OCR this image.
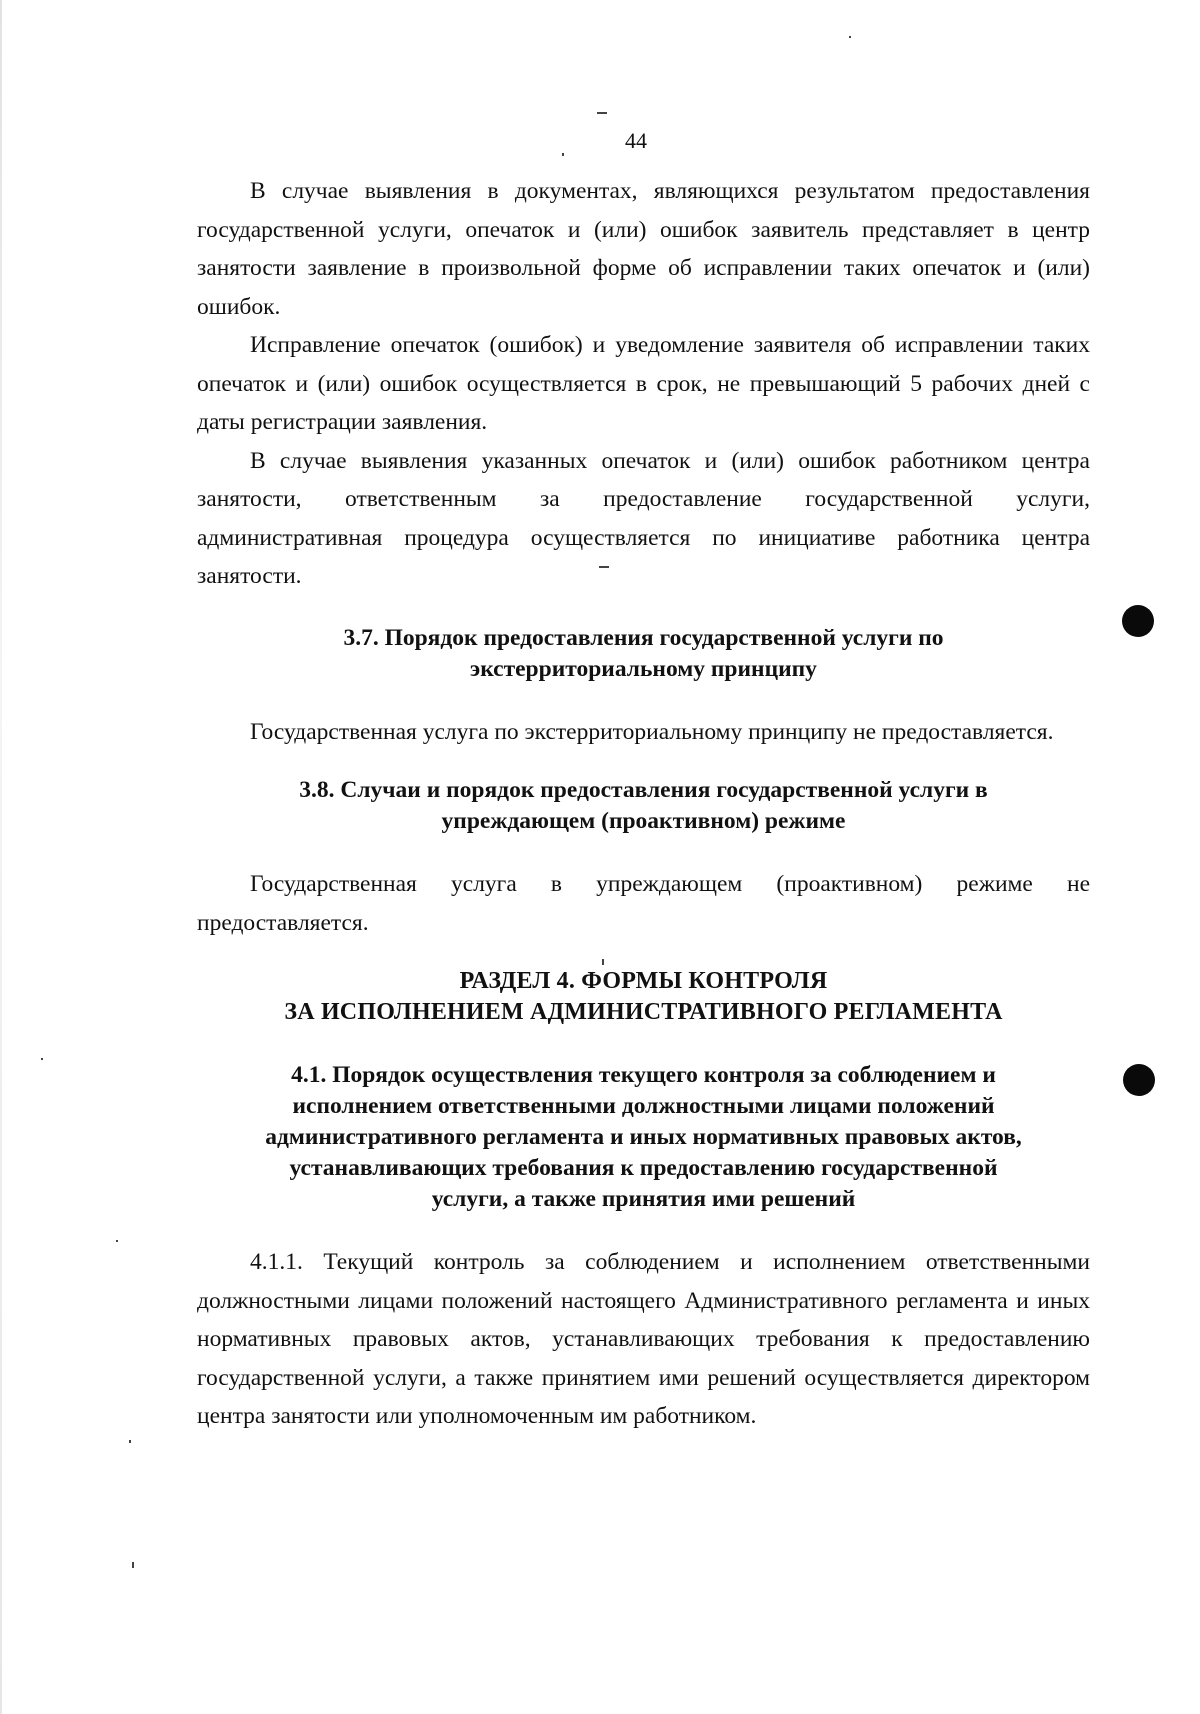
44

В случае выявления в документах, являющихся результатом предоставления государственной услуги, опечаток и (или) ошибок заявитель представляет в центр занятости заявление в произвольной форме об исправлении таких опечаток и (или) ошибок.

Исправление опечаток (ошибок) и уведомление заявителя об исправлении таких опечаток и (или) ошибок осуществляется в срок, не превышающий 5 рабочих дней с даты регистрации заявления.

В случае выявления указанных опечаток и (или) ошибок работником центра занятости, ответственным за предоставление государственной услуги, административная процедура осуществляется по инициативе работника центра занятости.

3.7. Порядок предоставления государственной услуги по

экстерриториальному принципу

Государственная услуга по экстерриториальному принципу не предоставляется.

3.8. Случаи и порядок предоставления государственной услуги в

упреждающем (проактивном) режиме

Государственная услуга в упреждающем (проактивном) режиме не предоставляется.

РАЗДЕЛ 4. ФОРМЫ КОНТРОЛЯ

ЗА ИСПОЛНЕНИЕМ АДМИНИСТРАТИВНОГО РЕГЛАМЕНТА

4.1. Порядок осуществления текущего контроля за соблюдением и

исполнением ответственными должностными лицами положений

административного регламента и иных нормативных правовых актов,

устанавливающих требования к предоставлению государственной

услуги, а также принятия ими решений

4.1.1. Текущий контроль за соблюдением и исполнением ответственными должностными лицами положений настоящего Административного регламента и иных нормативных правовых актов, устанавливающих требования к предоставлению государственной услуги, а также принятием ими решений осуществляется директором центра занятости или уполномоченным им работником.
